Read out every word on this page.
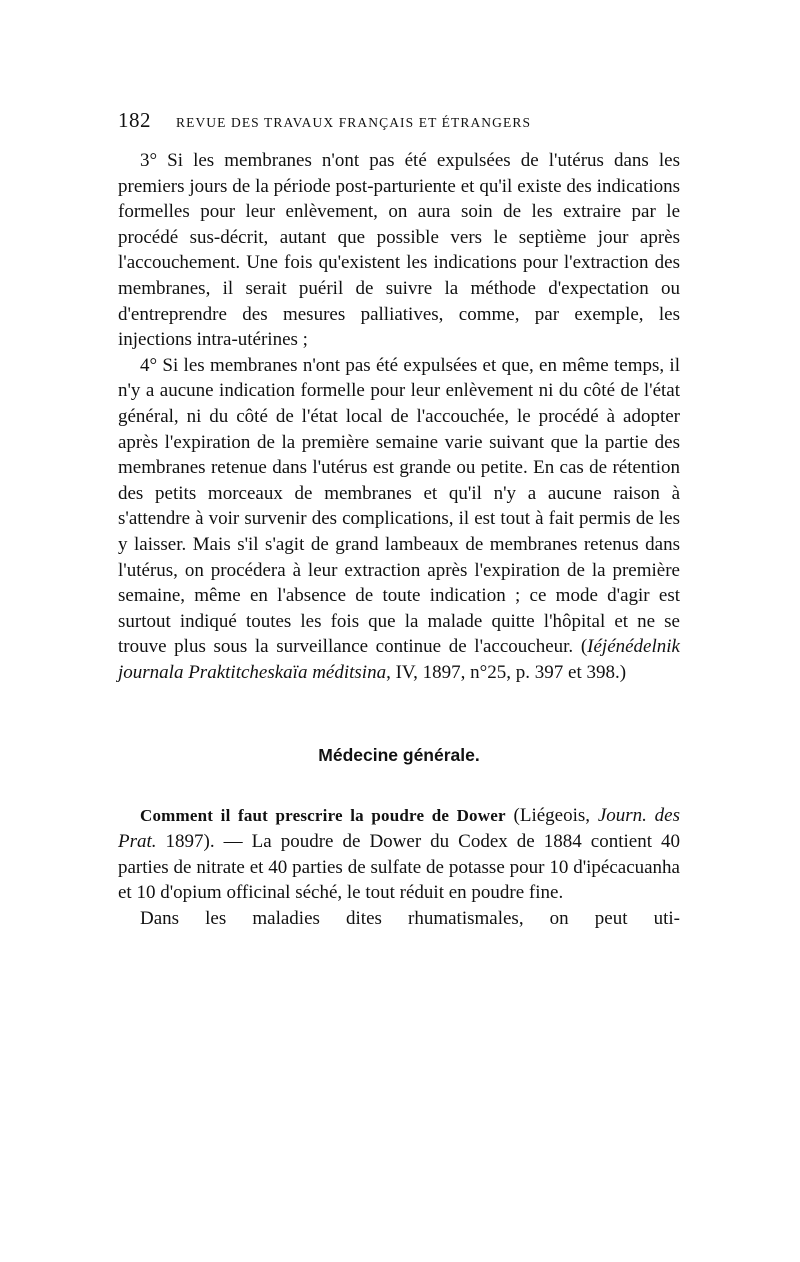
182	REVUE DES TRAVAUX FRANÇAIS ET ÉTRANGERS

3° Si les membranes n'ont pas été expulsées de l'utérus dans les premiers jours de la période post-parturiente et qu'il existe des indications formelles pour leur enlèvement, on aura soin de les extraire par le procédé sus-décrit, autant que possible vers le septième jour après l'accouchement. Une fois qu'existent les indications pour l'extraction des membranes, il serait puéril de suivre la méthode d'expectation ou d'entreprendre des mesures palliatives, comme, par exemple, les injections intra-utérines ;

4° Si les membranes n'ont pas été expulsées et que, en même temps, il n'y a aucune indication formelle pour leur enlèvement ni du côté de l'état général, ni du côté de l'état local de l'accouchée, le procédé à adopter après l'expiration de la première semaine varie suivant que la partie des membranes retenue dans l'utérus est grande ou petite. En cas de rétention des petits morceaux de membranes et qu'il n'y a aucune raison à s'attendre à voir survenir des complications, il est tout à fait permis de les y laisser. Mais s'il s'agit de grand lambeaux de membranes retenus dans l'utérus, on procédera à leur extraction après l'expiration de la première semaine, même en l'absence de toute indication ; ce mode d'agir est surtout indiqué toutes les fois que la malade quitte l'hôpital et ne se trouve plus sous la surveillance continue de l'accoucheur. (Iéjénédelnik journala Praktitcheskaïa méditsina, IV, 1897, n°25, p. 397 et 398.)

Médecine générale.

Comment il faut prescrire la poudre de Dower (Liégeois, Journ. des Prat. 1897). — La poudre de Dower du Codex de 1884 contient 40 parties de nitrate et 40 parties de sulfate de potasse pour 10 d'ipécacuanha et 10 d'opium officinal séché, le tout réduit en poudre fine.

Dans les maladies dites rhumatismales, on peut uti-
